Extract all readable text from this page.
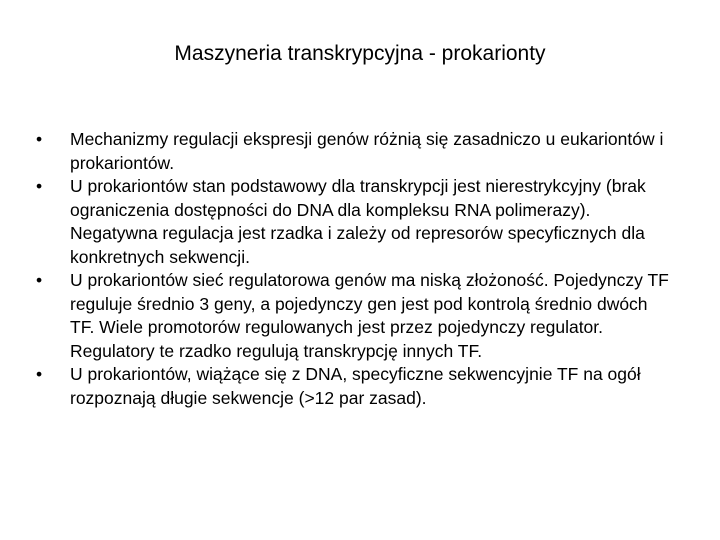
Maszyneria transkrypcyjna - prokarionty
•	Mechanizmy regulacji ekspresji genów różnią się zasadniczo u eukariontów i prokariontów.
•	U prokariontów stan podstawowy dla transkrypcji jest nierestrykcyjny (brak ograniczenia dostępności do DNA dla kompleksu RNA polimerazy). Negatywna regulacja jest rzadka i zależy od represorów specyficznych dla konkretnych sekwencji.
•	U prokariontów sieć regulatorowa genów ma niską złożoność. Pojedynczy TF reguluje średnio 3 geny, a pojedynczy gen jest pod kontrolą średnio dwóch TF. Wiele promotorów regulowanych jest przez pojedynczy regulator. Regulatory te rzadko regulują transkrypcję innych TF.
•	U prokariontów, wiążące się z DNA, specyficzne sekwencyjnie TF na ogół rozpoznają długie sekwencje (>12 par zasad).
